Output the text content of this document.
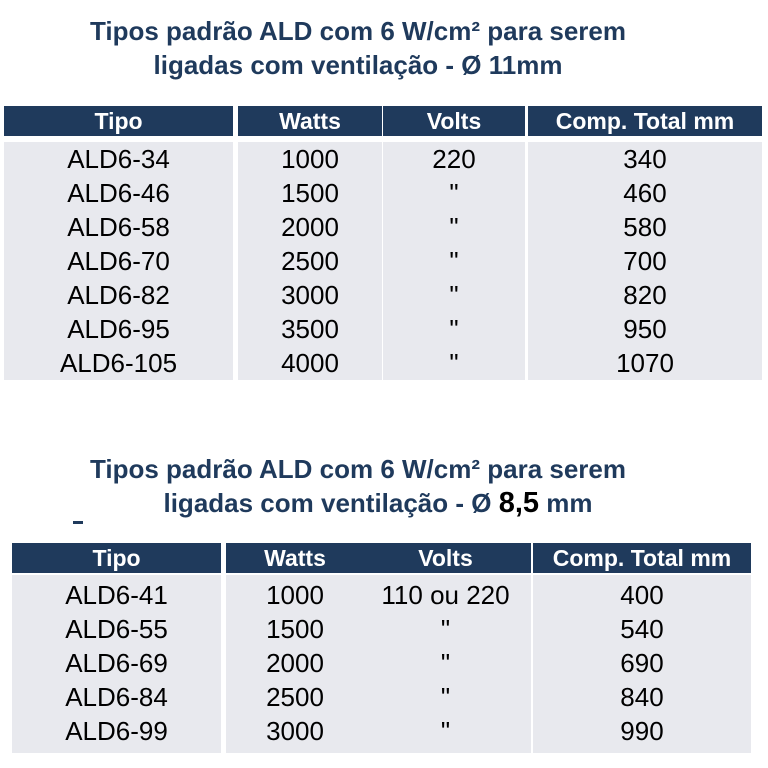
Tipos padrão ALD com 6 W/cm² para serem
ligadas com ventilação - Ø 11mm
Tipo	Watts	Volts	Comp. Total mm
ALD6-34	1000	220	340
ALD6-46	1500	"	460
ALD6-58	2000	"	580
ALD6-70	2500	"	700
ALD6-82	3000	"	820
ALD6-95	3500	"	950
ALD6-105	4000	"	1070
Tipos padrão ALD com 6 W/cm² para serem
ligadas com ventilação - Ø 8,5 mm
Tipo	Watts	Volts	Comp. Total mm
ALD6-41	1000	110 ou 220	400
ALD6-55	1500	"	540
ALD6-69	2000	"	690
ALD6-84	2500	"	840
ALD6-99	3000	"	990
